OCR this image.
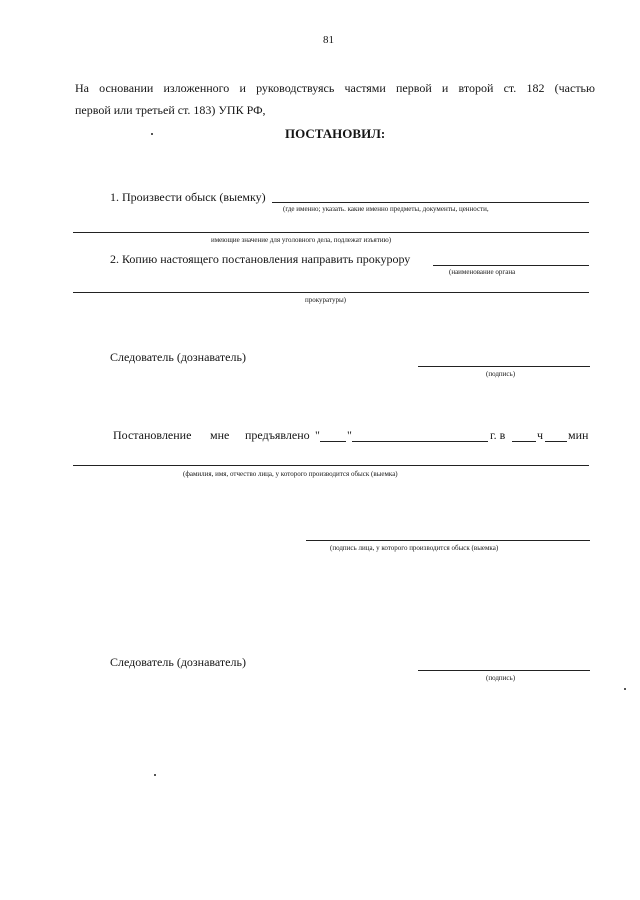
81
На основании изложенного и руководствуясь частями первой и второй ст. 182 (частью
первой или третьей ст. 183) УПК РФ,
ПОСТАНОВИЛ:
1. Произвести обыск (выемку)
(где именно; указать. какие именно предметы, документы, ценности,
имеющие значение для уголовного дела, подлежат изъятию)
2. Копию настоящего постановления направить прокурору
(наименование органа
прокуратуры)
Следователь (дознаватель)
(подпись)
Постановление мне предъявлено " "	г. в	ч мин
(фамилия, имя, отчество лица, у которого производится обыск (выемка)
(подпись лица, у которого производится обыск (выемка)
Следователь (дознаватель)
(подпись)
